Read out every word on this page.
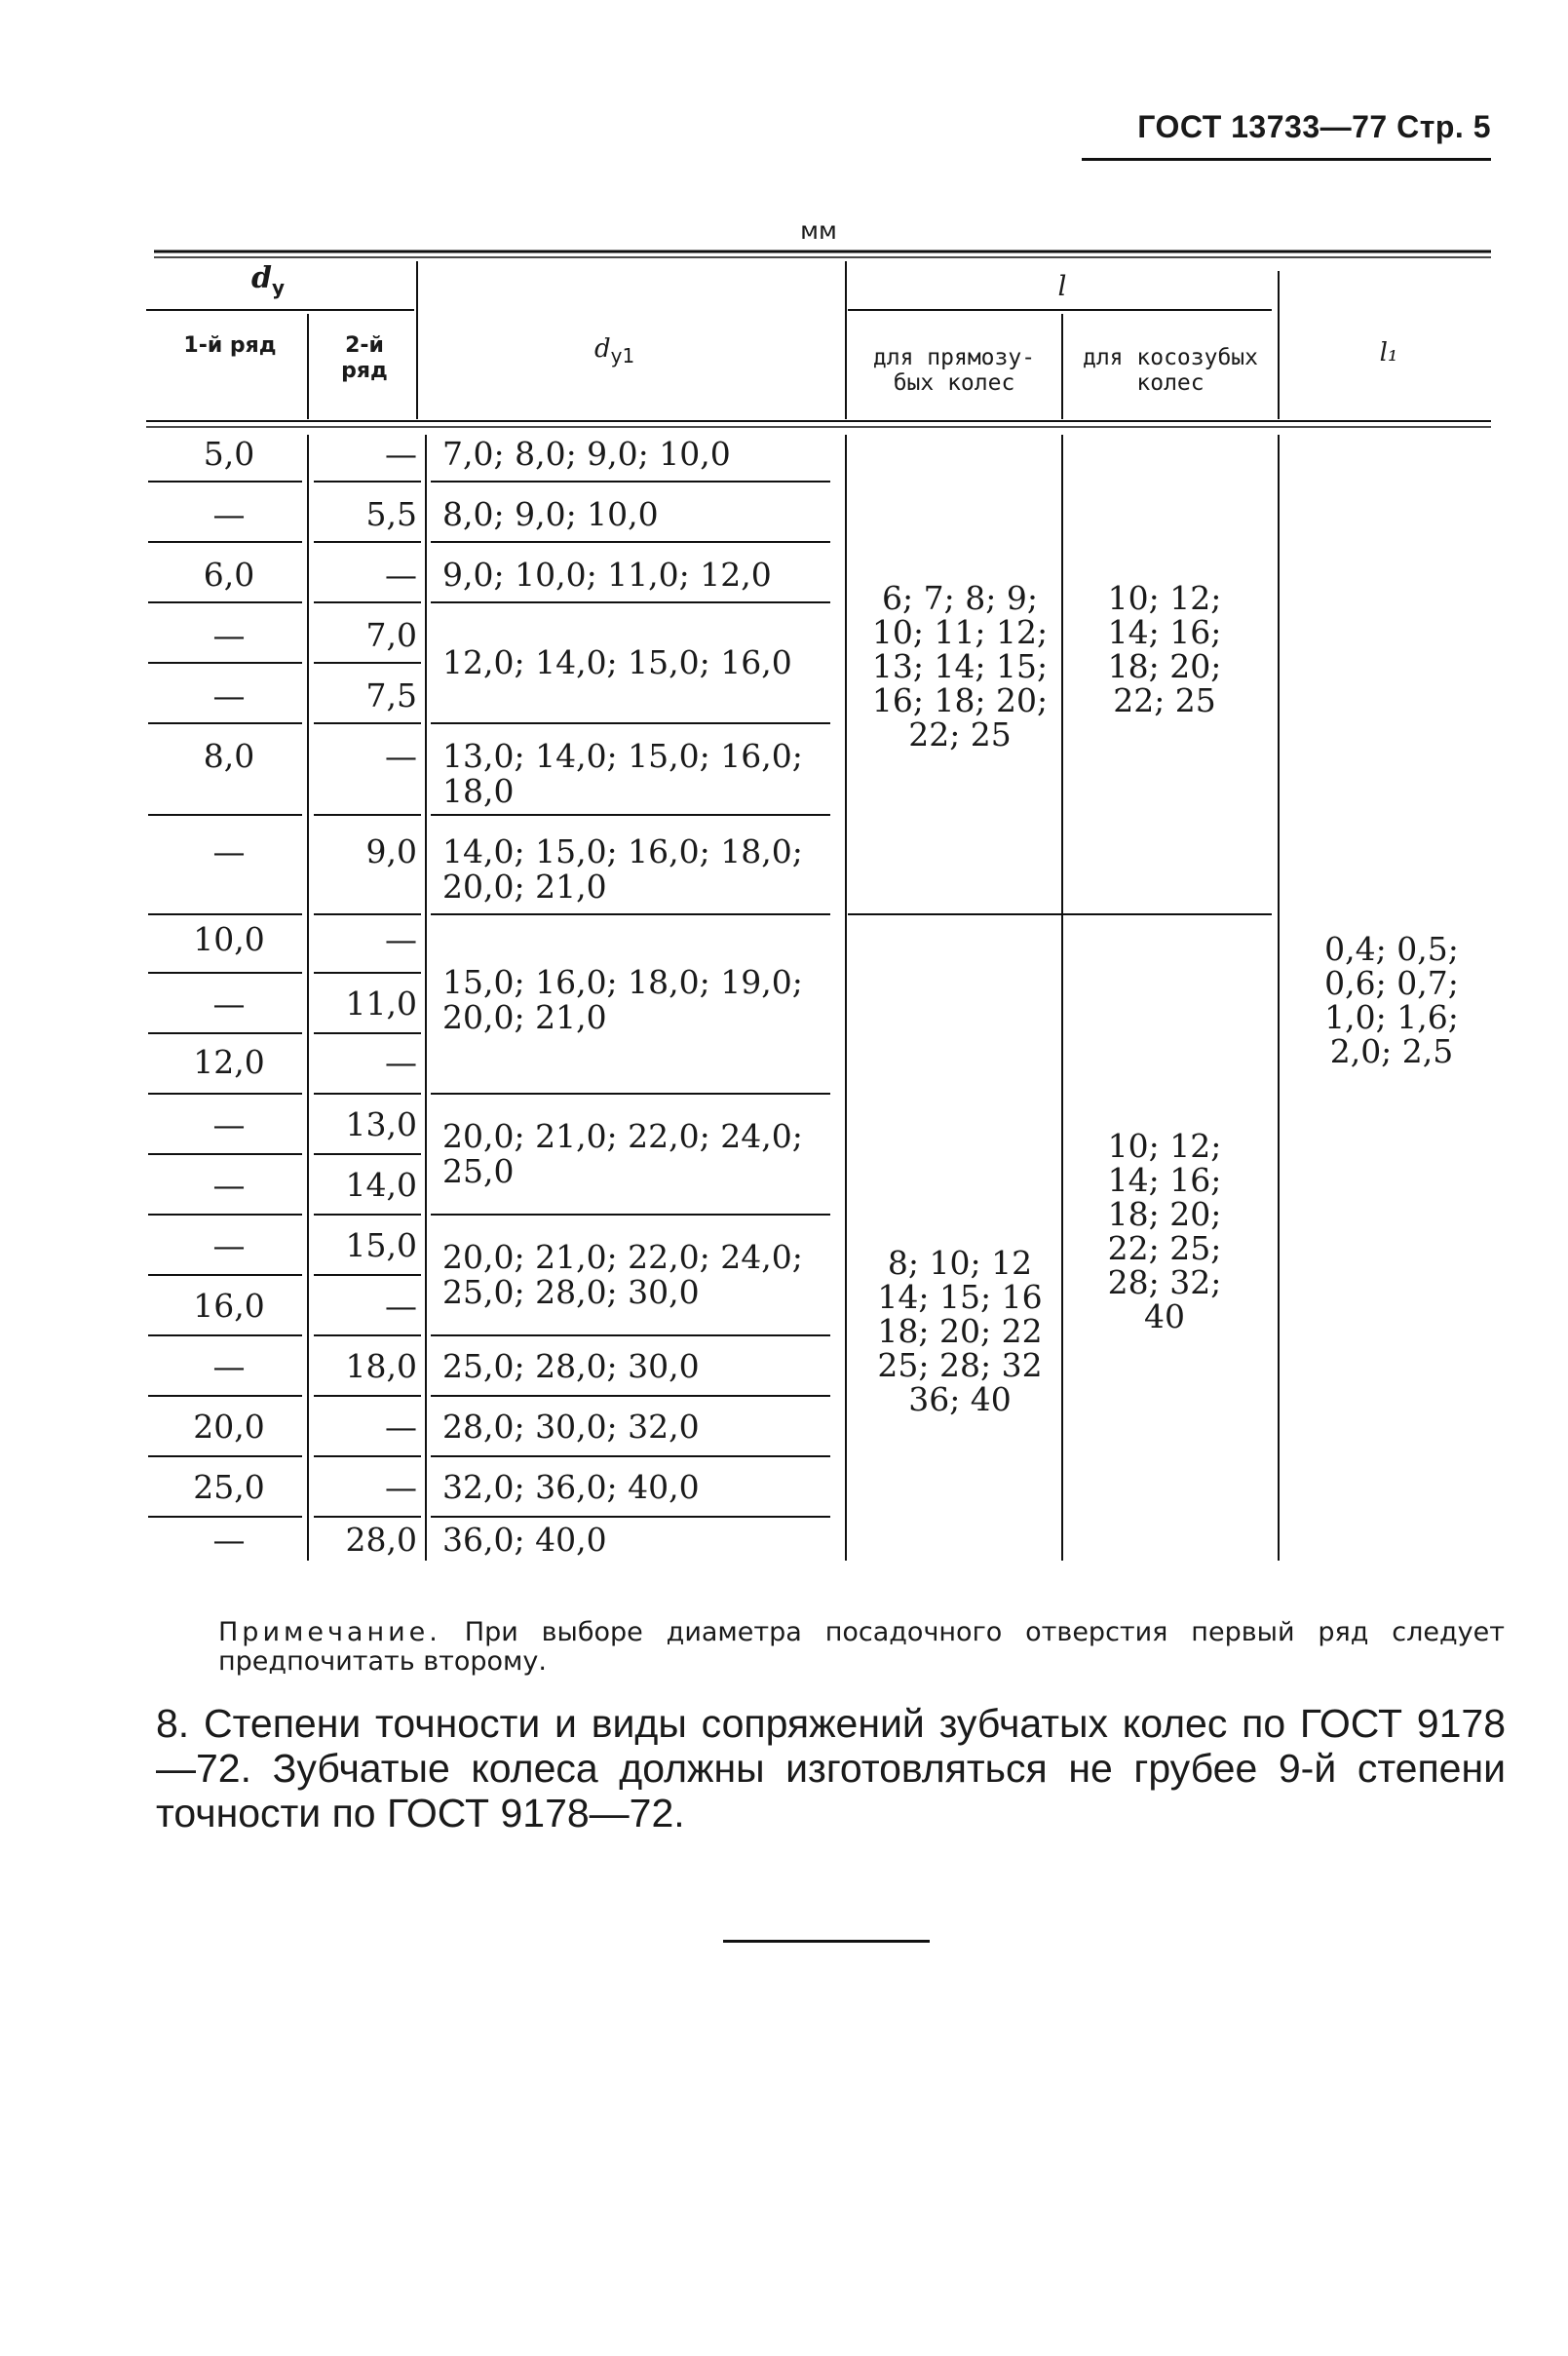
ГОСТ 13733—77 Стр. 5
мм
$d_у$
1-й ряд	2-й ряд
$d_{у1}$
l
для прямозу-
бых колес
для косозубых
колес
l₁
5,0
—
6,0
—
—
8,0
—
10,0
—
12,0
—
—
—
16,0
—
20,0
25,0
—
—
5,5
—
7,0
7,5
—
9,0
—
11,0
—
13,0
14,0
15,0
—
18,0
—
—
28,0
7,0; 8,0; 9,0; 10,0
8,0; 9,0; 10,0
9,0; 10,0; 11,0; 12,0
12,0; 14,0; 15,0; 16,0
13,0; 14,0; 15,0; 16,0;
18,0
14,0; 15,0; 16,0; 18,0;
20,0; 21,0
15,0; 16,0; 18,0; 19,0;
20,0; 21,0
20,0; 21,0; 22,0; 24,0;
25,0
20,0; 21,0; 22,0; 24,0;
25,0; 28,0; 30,0
25,0; 28,0; 30,0
28,0; 30,0; 32,0
32,0; 36,0; 40,0
36,0; 40,0
6; 7; 8; 9;
10; 11; 12;
13; 14; 15;
16; 18; 20;
22; 25
10; 12;
14; 16;
18; 20;
22; 25
8; 10; 12
14; 15; 16
18; 20; 22
25; 28; 32
36; 40
10; 12;
14; 16;
18; 20;
22; 25;
28; 32;
40
0,4; 0,5;
0,6; 0,7;
1,0; 1,6;
2,0; 2,5
Примечание. При выборе диаметра посадочного отверстия первый ряд следует предпочитать второму.
8. Степени точности и виды сопряжений зубчатых колес по ГОСТ 9178—72. Зубчатые колеса должны изготовляться не грубее 9-й степени точности по ГОСТ 9178—72.
